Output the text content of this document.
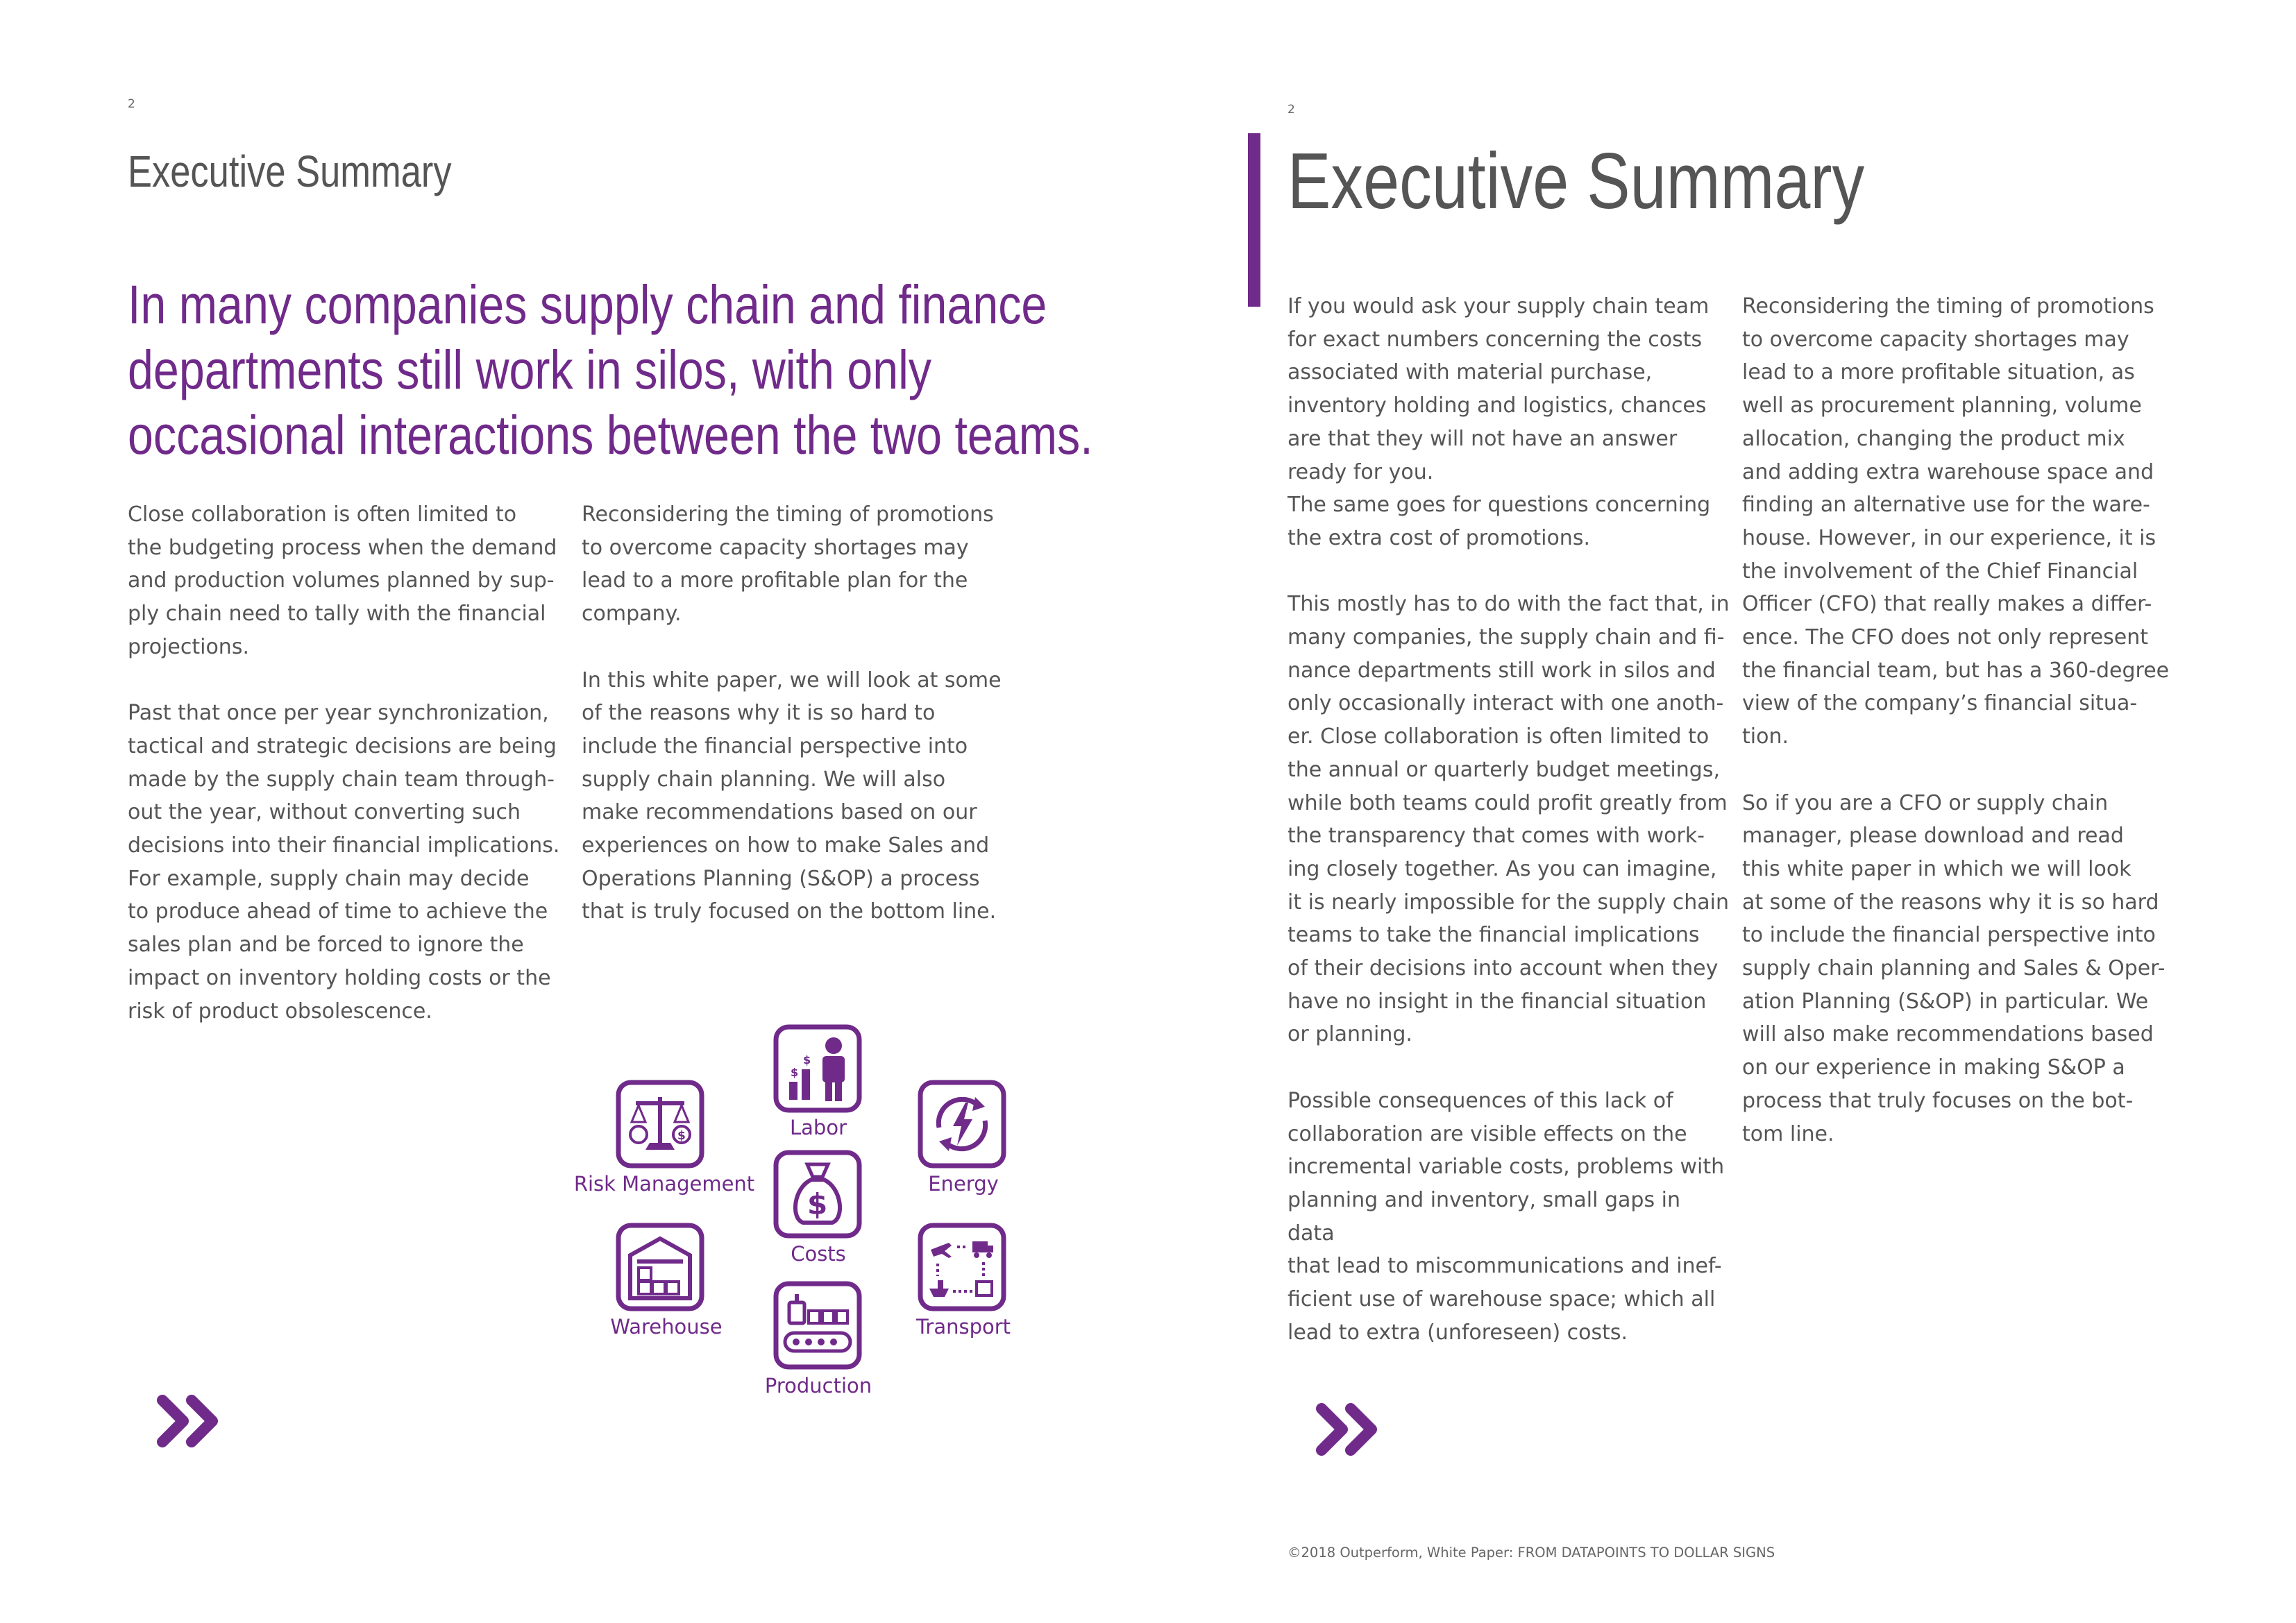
2
Executive Summary
In many companies supply chain and finance
departments still work in silos, with only
occasional interactions between the two teams.
Close collaboration is often limited to
the budgeting process when the demand
and production volumes planned by sup-
ply chain need to tally with the financial
projections.
Past that once per year synchronization,
tactical and strategic decisions are being
made by the supply chain team through-
out the year, without converting such
decisions into their financial implications.
For example, supply chain may decide
to produce ahead of time to achieve the
sales plan and be forced to ignore the
impact on inventory holding costs or the
risk of product obsolescence.
Reconsidering the timing of promotions
to overcome capacity shortages may
lead to a more profitable plan for the
company.
In this white paper, we will look at some
of the reasons why it is so hard to
include the financial perspective into
supply chain planning. We will also
make recommendations based on our
experiences on how to make Sales and
Operations Planning (S&OP) a process
that is truly focused on the bottom line.
$
$
Labor
$
Risk Management	Energy
$
Costs
Warehouse	Transport
Production
2
Executive Summary
If you would ask your supply chain team
for exact numbers concerning the costs
associated with material purchase,
inventory holding and logistics, chances
are that they will not have an answer
ready for you.
The same goes for questions concerning
the extra cost of promotions.
This mostly has to do with the fact that, in
many companies, the supply chain and fi-
nance departments still work in silos and
only occasionally interact with one anoth-
er. Close collaboration is often limited to
the annual or quarterly budget meetings,
while both teams could profit greatly from
the transparency that comes with work-
ing closely together. As you can imagine,
it is nearly impossible for the supply chain
teams to take the financial implications
of their decisions into account when they
have no insight in the financial situation
or planning.
Possible consequences of this lack of
collaboration are visible effects on the
incremental variable costs, problems with
planning and inventory, small gaps in data
that lead to miscommunications and inef-
ficient use of warehouse space; which all
lead to extra (unforeseen) costs.
Reconsidering the timing of promotions
to overcome capacity shortages may
lead to a more profitable situation, as
well as procurement planning, volume
allocation, changing the product mix
and adding extra warehouse space and
finding an alternative use for the ware-
house. However, in our experience, it is
the involvement of the Chief Financial
Officer (CFO) that really makes a differ-
ence. The CFO does not only represent
the financial team, but has a 360-degree
view of the company’s financial situa-
tion.
So if you are a CFO or supply chain
manager, please download and read
this white paper in which we will look
at some of the reasons why it is so hard
to include the financial perspective into
supply chain planning and Sales & Oper-
ation Planning (S&OP) in particular. We
will also make recommendations based
on our experience in making S&OP a
process that truly focuses on the bot-
tom line.
©2018 Outperform, White Paper: FROM DATAPOINTS TO DOLLAR SIGNS
